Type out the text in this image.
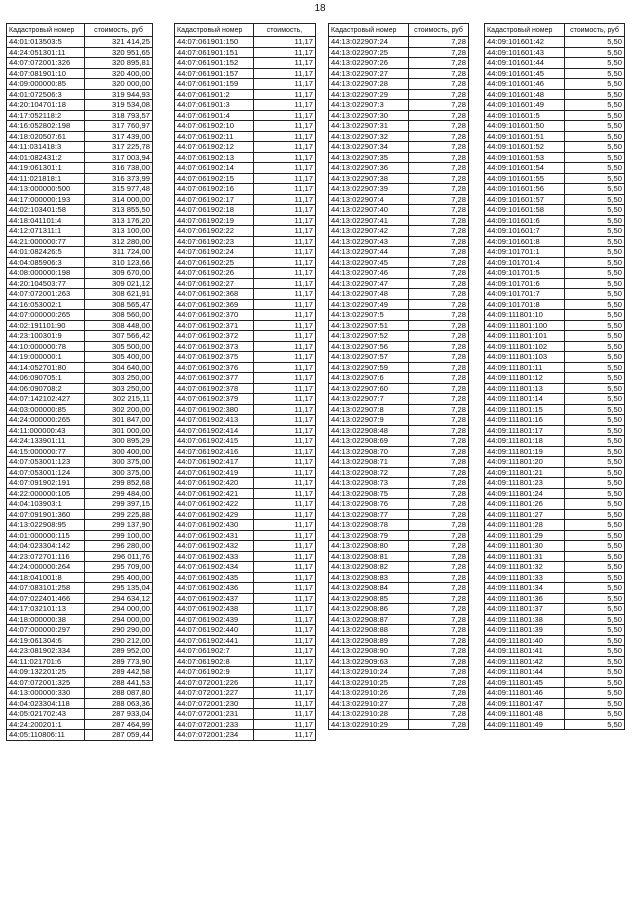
18
Кадастровый номер	стоимость, руб
44:01:013503:5	321 414,25
44:24:051301:11	320 951,65
44:07:072001:326	320 895,81
44:07:081901:10	320 400,00
44:09:000000:85	320 000,00
44:01:072506:3	319 944,93
44:20:104701:18	319 534,08
44:17:052118:2	318 793,57
44:16:052802:198	317 760,97
44:18:020507:61	317 439,00
44:11:031418:3	317 225,78
44:01:082431:2	317 003,94
44:19:061301:1	316 738,00
44:11:021818:1	316 373,99
44:13:000000:500	315 977,48
44:17:000000:193	314 000,00
44:02:103401:58	313 855,50
44:18:041101:4	313 176,20
44:12:071311:1	313 100,00
44:21:000000:77	312 280,00
44:01:082426:5	311 724,00
44:04:085906:3	310 123,66
44:08:000000:198	309 670,00
44:20:104503:77	309 021,12
44:07:072001:263	308 621,91
44:16:053002:1	308 565,47
44:07:000000:265	308 560,00
44:02:191101:90	308 448,00
44:23:100301:9	307 566,42
44:10:000000:78	305 500,00
44:19:000000:1	305 400,00
44:14:052701:80	304 640,00
44:06:090705:1	303 250,00
44:06:090708:2	303 250,00
44:07:142102:427	302 215,11
44:03:000000:85	302 200,00
44:24:000000:265	301 847,00
44:11:000000:43	301 000,00
44:24:133901:11	300 895,29
44:15:000000:77	300 400,00
44:07:053001:123	300 375,00
44:07:053001:124	300 375,00
44:07:091902:191	299 852,68
44:22:000000:105	299 484,00
44:04:103903:1	299 397,15
44:07:091901:360	299 225,88
44:13:022908:95	299 137,90
44:01:000000:115	299 100,00
44:04:023304:142	296 280,00
44:23:072701:116	296 011,76
44:24:000000:264	295 709,00
44:18:041001:8	295 400,00
44:07:083101:258	295 135,04
44:07:022401:466	294 634,12
44:17:032101:13	294 000,00
44:18:000000:38	294 000,00
44:07:000000:297	290 290,00
44:19:061304:6	290 212,00
44:23:081902:334	289 952,00
44:11:021701:6	289 773,90
44:09:132201:25	289 442,58
44:07:072001:325	288 441,53
44:13:000000:330	288 087,80
44:04:023304:118	288 063,36
44:05:021702:43	287 933,04
44:24:200201:1	287 464,99
44:05:110806:11	287 059,44
Кадастровый номер	стоимость,
44:07:061901:150	11,17
44:07:061901:151	11,17
44:07:061901:152	11,17
44:07:061901:157	11,17
44:07:061901:159	11,17
44:07:061901:2	11,17
44:07:061901:3	11,17
44:07:061901:4	11,17
44:07:061902:10	11,17
44:07:061902:11	11,17
44:07:061902:12	11,17
44:07:061902:13	11,17
44:07:061902:14	11,17
44:07:061902:15	11,17
44:07:061902:16	11,17
44:07:061902:17	11,17
44:07:061902:18	11,17
44:07:061902:19	11,17
44:07:061902:22	11,17
44:07:061902:23	11,17
44:07:061902:24	11,17
44:07:061902:25	11,17
44:07:061902:26	11,17
44:07:061902:27	11,17
44:07:061902:368	11,17
44:07:061902:369	11,17
44:07:061902:370	11,17
44:07:061902:371	11,17
44:07:061902:372	11,17
44:07:061902:373	11,17
44:07:061902:375	11,17
44:07:061902:376	11,17
44:07:061902:377	11,17
44:07:061902:378	11,17
44:07:061902:379	11,17
44:07:061902:380	11,17
44:07:061902:413	11,17
44:07:061902:414	11,17
44:07:061902:415	11,17
44:07:061902:416	11,17
44:07:061902:417	11,17
44:07:061902:419	11,17
44:07:061902:420	11,17
44:07:061902:421	11,17
44:07:061902:422	11,17
44:07:061902:429	11,17
44:07:061902:430	11,17
44:07:061902:431	11,17
44:07:061902:432	11,17
44:07:061902:433	11,17
44:07:061902:434	11,17
44:07:061902:435	11,17
44:07:061902:436	11,17
44:07:061902:437	11,17
44:07:061902:438	11,17
44:07:061902:439	11,17
44:07:061902:440	11,17
44:07:061902:441	11,17
44:07:061902:7	11,17
44:07:061902:8	11,17
44:07:061902:9	11,17
44:07:072001:226	11,17
44:07:072001:227	11,17
44:07:072001:230	11,17
44:07:072001:231	11,17
44:07:072001:233	11,17
44:07:072001:234	11,17
Кадастровый номер	стоимость, руб
44:13:022907:24	7,28
44:13:022907:25	7,28
44:13:022907:26	7,28
44:13:022907:27	7,28
44:13:022907:28	7,28
44:13:022907:29	7,28
44:13:022907:3	7,28
44:13:022907:30	7,28
44:13:022907:31	7,28
44:13:022907:32	7,28
44:13:022907:34	7,28
44:13:022907:35	7,28
44:13:022907:36	7,28
44:13:022907:38	7,28
44:13:022907:39	7,28
44:13:022907:4	7,28
44:13:022907:40	7,28
44:13:022907:41	7,28
44:13:022907:42	7,28
44:13:022907:43	7,28
44:13:022907:44	7,28
44:13:022907:45	7,28
44:13:022907:46	7,28
44:13:022907:47	7,28
44:13:022907:48	7,28
44:13:022907:49	7,28
44:13:022907:5	7,28
44:13:022907:51	7,28
44:13:022907:52	7,28
44:13:022907:56	7,28
44:13:022907:57	7,28
44:13:022907:59	7,28
44:13:022907:6	7,28
44:13:022907:60	7,28
44:13:022907:7	7,28
44:13:022907:8	7,28
44:13:022907:9	7,28
44:13:022908:48	7,28
44:13:022908:69	7,28
44:13:022908:70	7,28
44:13:022908:71	7,28
44:13:022908:72	7,28
44:13:022908:73	7,28
44:13:022908:75	7,28
44:13:022908:76	7,28
44:13:022908:77	7,28
44:13:022908:78	7,28
44:13:022908:79	7,28
44:13:022908:80	7,28
44:13:022908:81	7,28
44:13:022908:82	7,28
44:13:022908:83	7,28
44:13:022908:84	7,28
44:13:022908:85	7,28
44:13:022908:86	7,28
44:13:022908:87	7,28
44:13:022908:88	7,28
44:13:022908:89	7,28
44:13:022908:90	7,28
44:13:022909:63	7,28
44:13:022910:24	7,28
44:13:022910:25	7,28
44:13:022910:26	7,28
44:13:022910:27	7,28
44:13:022910:28	7,28
44:13:022910:29	7,28
Кадастровый номер	стоимость, руб
44:09:101601:42	5,50
44:09:101601:43	5,50
44:09:101601:44	5,50
44:09:101601:45	5,50
44:09:101601:46	5,50
44:09:101601:48	5,50
44:09:101601:49	5,50
44:09:101601:5	5,50
44:09:101601:50	5,50
44:09:101601:51	5,50
44:09:101601:52	5,50
44:09:101601:53	5,50
44:09:101601:54	5,50
44:09:101601:55	5,50
44:09:101601:56	5,50
44:09:101601:57	5,50
44:09:101601:58	5,50
44:09:101601:6	5,50
44:09:101601:7	5,50
44:09:101601:8	5,50
44:09:101701:1	5,50
44:09:101701:4	5,50
44:09:101701:5	5,50
44:09:101701:6	5,50
44:09:101701:7	5,50
44:09:101701:8	5,50
44:09:111801:10	5,50
44:09:111801:100	5,50
44:09:111801:101	5,50
44:09:111801:102	5,50
44:09:111801:103	5,50
44:09:111801:11	5,50
44:09:111801:12	5,50
44:09:111801:13	5,50
44:09:111801:14	5,50
44:09:111801:15	5,50
44:09:111801:16	5,50
44:09:111801:17	5,50
44:09:111801:18	5,50
44:09:111801:19	5,50
44:09:111801:20	5,50
44:09:111801:21	5,50
44:09:111801:23	5,50
44:09:111801:24	5,50
44:09:111801:26	5,50
44:09:111801:27	5,50
44:09:111801:28	5,50
44:09:111801:29	5,50
44:09:111801:30	5,50
44:09:111801:31	5,50
44:09:111801:32	5,50
44:09:111801:33	5,50
44:09:111801:34	5,50
44:09:111801:36	5,50
44:09:111801:37	5,50
44:09:111801:38	5,50
44:09:111801:39	5,50
44:09:111801:40	5,50
44:09:111801:41	5,50
44:09:111801:42	5,50
44:09:111801:44	5,50
44:09:111801:45	5,50
44:09:111801:46	5,50
44:09:111801:47	5,50
44:09:111801:48	5,50
44:09:111801:49	5,50
